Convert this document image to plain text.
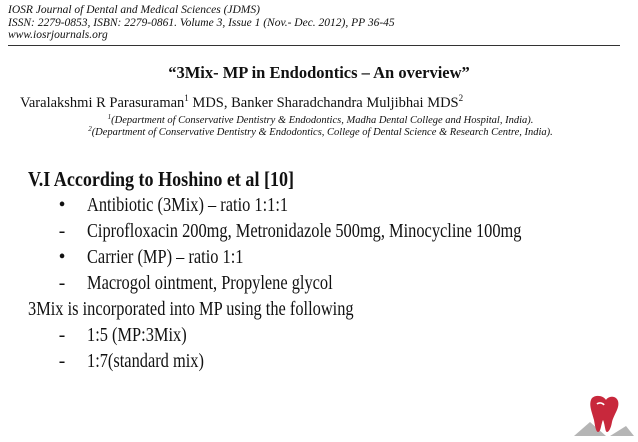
IOSR Journal of Dental and Medical Sciences (JDMS)
ISSN: 2279-0853, ISBN: 2279-0861. Volume 3, Issue 1 (Nov.- Dec. 2012), PP 36-45
www.iosrjournals.org
“3Mix- MP in Endodontics – An overview”
Varalakshmi R Parasuraman$^1$ MDS, Banker Sharadchandra Muljibhai MDS$^2$
$^1$(Department of Conservative Dentistry & Endodontics, Madha Dental College and Hospital, India).
$^2$(Department of Conservative Dentistry & Endodontics, College of Dental Science & Research Centre, India).
V.I According to Hoshino et al [10]
• Antibiotic (3Mix) – ratio 1:1:1
- Ciprofloxacin 200mg, Metronidazole 500mg, Minocycline 100mg
• Carrier (MP) – ratio 1:1
- Macrogol ointment, Propylene glycol
3Mix is incorporated into MP using the following
- 1:5 (MP:3Mix)
- 1:7(standard mix)
